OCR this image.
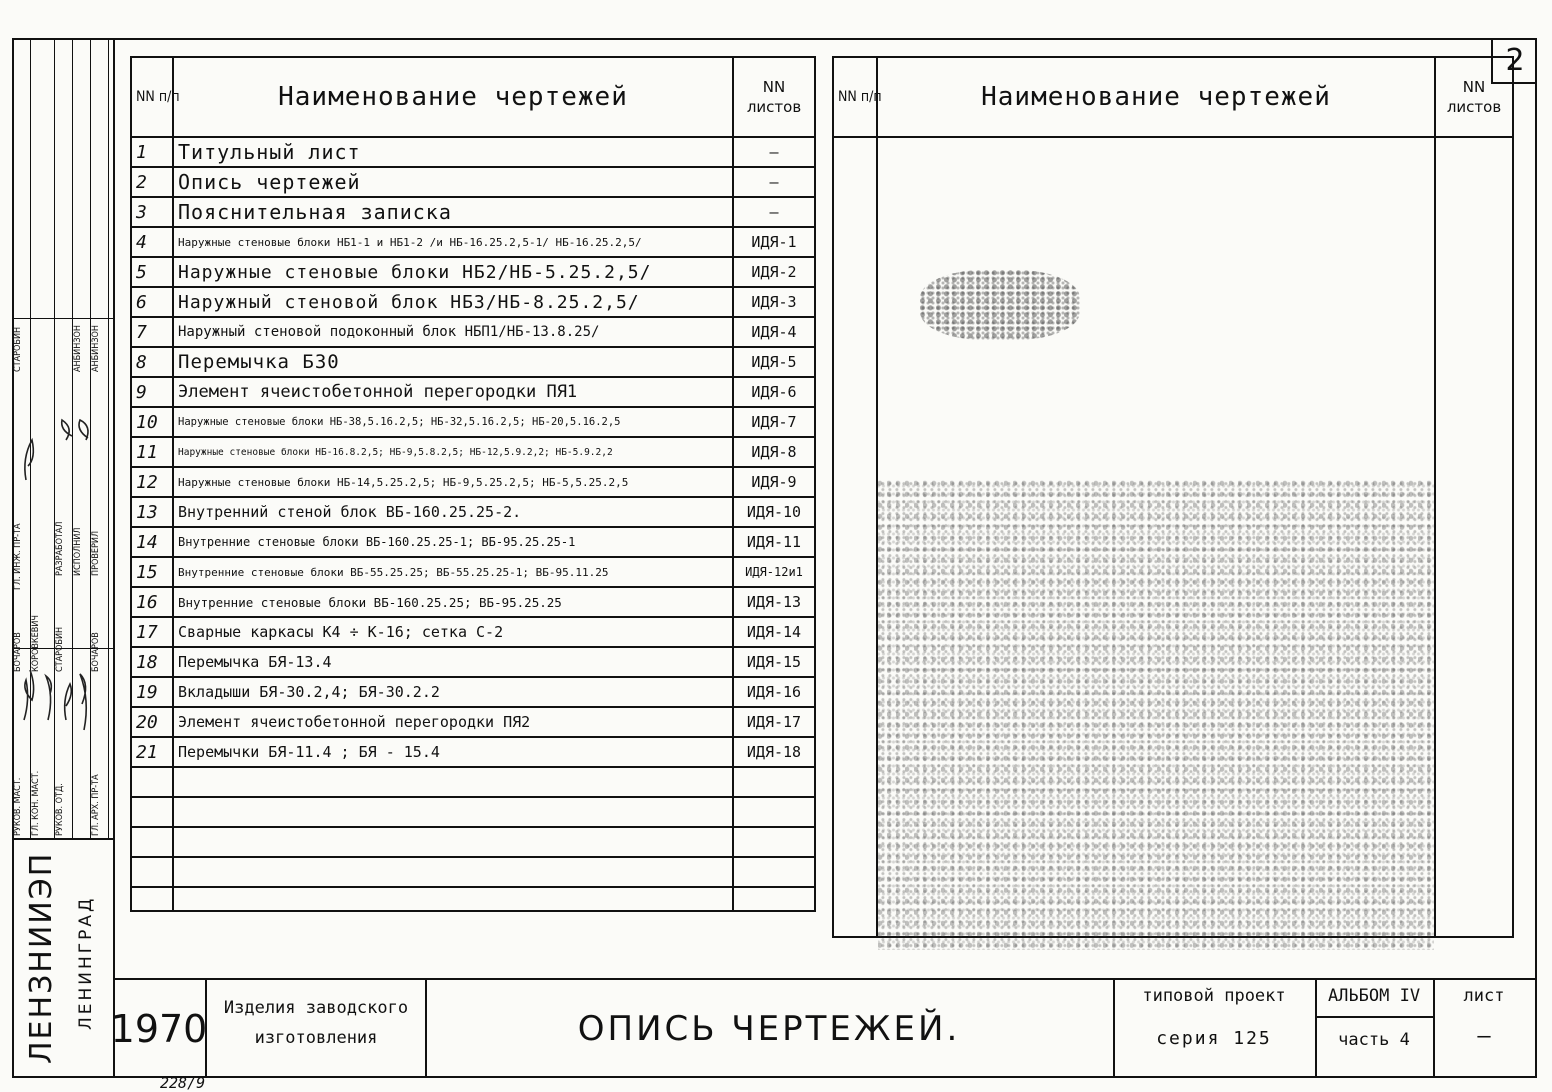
2
РУКОВ. МАСТ. ГЛ. КОН. МАСТ. РУКОВ. ОТД.	ГЛ. АРХ. ПР-ТА
ГЛ. ИНЖ. ПР-ТА	РАЗРАБОТАЛ ИСПОЛНИЛ ПРОВЕРИЛ
БОЧАРОВ КОРОВКЕВИЧ СТАРОБИН	БОЧАРОВ
СТАРОБИН	АНБИНЗОН АНБИНЗОН
ЛЕНЗНИИЭП ЛЕНИНГРАД
NN п/п	Наименование чертежей	NN листов
1	Титульный лист	—
2	Опись чертежей	—
3	Пояснительная записка	—
4	Наружные стеновые блоки НБ1-1 и НБ1-2 /и НБ-16.25.2,5-1/ НБ-16.25.2,5/	ИДЯ-1
5	Наружные стеновые блоки НБ2/НБ-5.25.2,5/	ИДЯ-2
6	Наружный стеновой блок НБ3/НБ-8.25.2,5/	ИДЯ-3
7	Наружный стеновой подоконный блок НБП1/НБ-13.8.25/	ИДЯ-4
8	Перемычка Б30	ИДЯ-5
9	Элемент ячеистобетонной перегородки ПЯ1	ИДЯ-6
10	Наружные стеновые блоки НБ-38,5.16.2,5; НБ-32,5.16.2,5; НБ-20,5.16.2,5	ИДЯ-7
11	Наружные стеновые блоки НБ-16.8.2,5; НБ-9,5.8.2,5; НБ-12,5.9.2,2; НБ-5.9.2,2	ИДЯ-8
12	Наружные стеновые блоки НБ-14,5.25.2,5; НБ-9,5.25.2,5; НБ-5,5.25.2,5	ИДЯ-9
13	Внутренний стеной блок ВБ-160.25.25-2.	ИДЯ-10
14	Внутренние стеновые блоки ВБ-160.25.25-1; ВБ-95.25.25-1	ИДЯ-11
15	Внутренние стеновые блоки ВБ-55.25.25; ВБ-55.25.25-1; ВБ-95.11.25	ИДЯ-12и1
16	Внутренние стеновые блоки ВБ-160.25.25; ВБ-95.25.25	ИДЯ-13
17	Сварные каркасы К4 ÷ К-16; сетка С-2	ИДЯ-14
18	Перемычка БЯ-13.4	ИДЯ-15
19	Вкладыши БЯ-30.2,4; БЯ-30.2.2	ИДЯ-16
20	Элемент ячеистобетонной перегородки ПЯ2	ИДЯ-17
21	Перемычки БЯ-11.4 ; БЯ - 15.4	ИДЯ-18

NN п/п	Наименование чертежей	NN листов

1970 Изделия заводского
изготовления	ОПИСЬ ЧЕРТЕЖЕЙ.
типовой проект
серия 125
АЛЬБОМ IV
часть 4
лист
—
228/9
